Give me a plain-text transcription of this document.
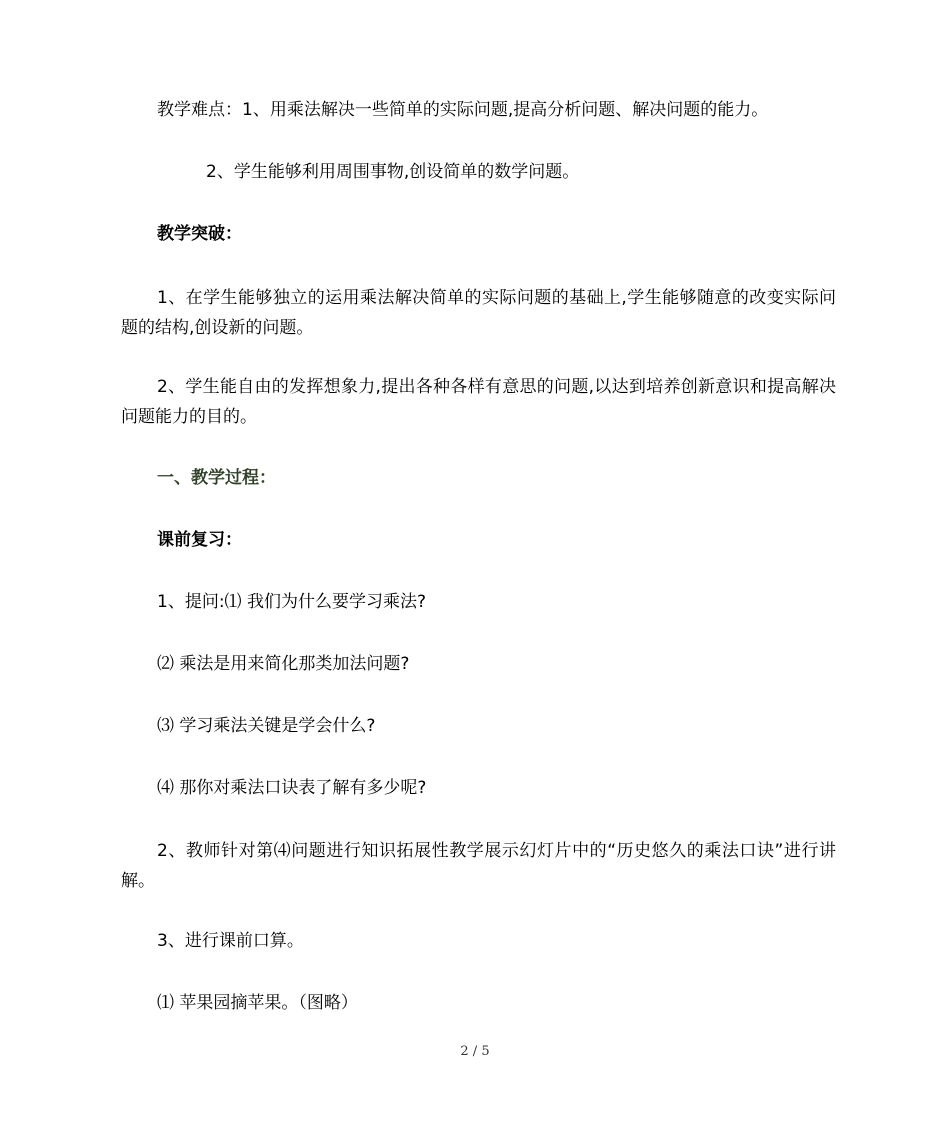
教学难点：1、用乘法解决一些简单的实际问题,提高分析问题、解决问题的能力。
2、学生能够利用周围事物,创设简单的数学问题。
教学突破：
1、在学生能够独立的运用乘法解决简单的实际问题的基础上,学生能够随意的改变实际问题的结构,创设新的问题。
2、学生能自由的发挥想象力,提出各种各样有意思的问题,以达到培养创新意识和提高解决问题能力的目的。
一、教学过程：
课前复习：
1、提问:⑴ 我们为什么要学习乘法?
⑵ 乘法是用来简化那类加法问题?
⑶ 学习乘法关键是学会什么?
⑷ 那你对乘法口诀表了解有多少呢?
2、教师针对第⑷问题进行知识拓展性教学展示幻灯片中的“历史悠久的乘法口诀”进行讲解。
3、进行课前口算。
⑴ 苹果园摘苹果。（图略）
2 / 5
